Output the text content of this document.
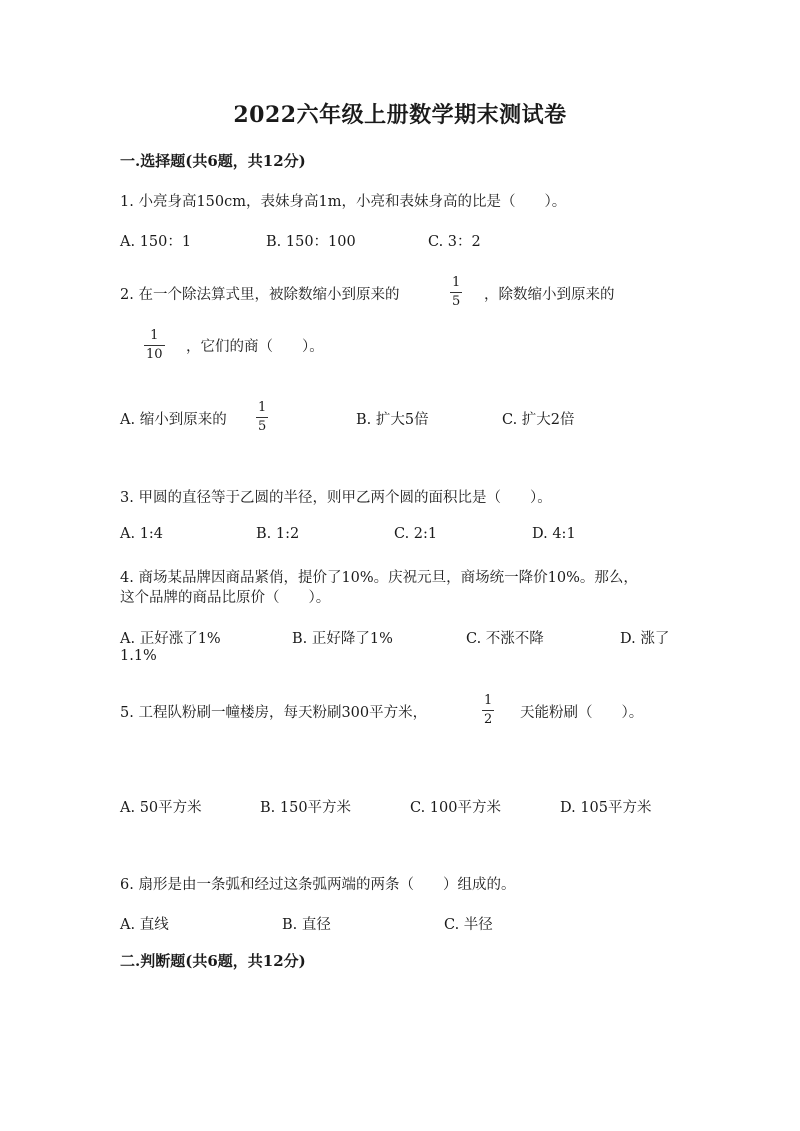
2022六年级上册数学期末测试卷
一.选择题(共6题，共12分)
1. 小亮身高150cm，表妹身高1m，小亮和表妹身高的比是（　　）。
A. 150：1	B. 150：100	C. 3：2
2. 在一个除法算式里，被除数缩小到原来的
1
5 ，除数缩小到原来的
1
10 ，它们的商（　　）。
A. 缩小到原来的
1
5	B. 扩大5倍	C. 扩大2倍
3. 甲圆的直径等于乙圆的半径，则甲乙两个圆的面积比是（　　）。
A. 1:4	B. 1:2	C. 2:1	D. 4:1
4. 商场某品牌因商品紧俏，提价了10%。庆祝元旦，商场统一降价10%。那么，
这个品牌的商品比原价（　　）。
A. 正好涨了1%	B. 正好降了1%	C. 不涨不降	D. 涨了
1.1%
5. 工程队粉刷一幢楼房，每天粉刷300平方米，
1
2 天能粉刷（　　）。
A. 50平方米	B. 150平方米	C. 100平方米	D. 105平方米
6. 扇形是由一条弧和经过这条弧两端的两条（　　）组成的。
A. 直线	B. 直径	C. 半径
二.判断题(共6题，共12分)
